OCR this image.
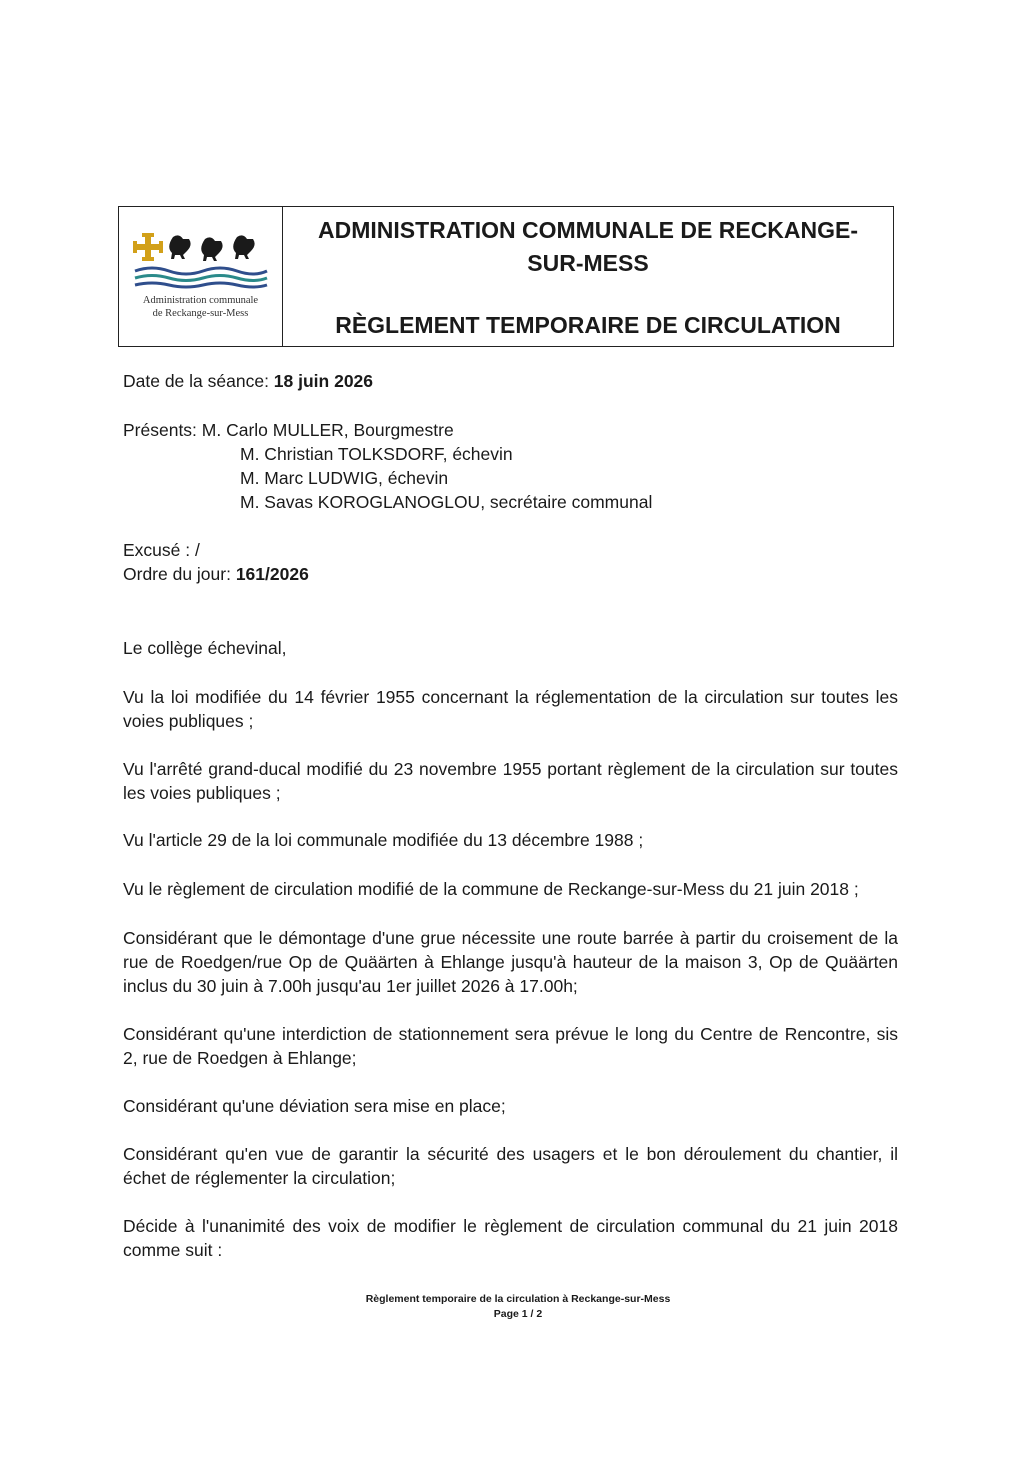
Administration communale
de Reckange-sur-Mess
ADMINISTRATION COMMUNALE DE RECKANGE-
SUR-MESS
RÈGLEMENT TEMPORAIRE DE CIRCULATION

Date de la séance: 18 juin 2026

Présents: M. Carlo MULLER, Bourgmestre

M. Christian TOLKSDORF, échevin

M. Marc LUDWIG, échevin

M. Savas KOROGLANOGLOU, secrétaire communal

Excusé : /

Ordre du jour: 161/2026

Le collège échevinal,

Vu la loi modifiée du 14 février 1955 concernant la réglementation de la circulation sur toutes les voies publiques ;

Vu l'arrêté grand-ducal modifié du 23 novembre 1955 portant règlement de la circulation sur toutes les voies publiques ;

Vu l'article 29 de la loi communale modifiée du 13 décembre 1988 ;

Vu le règlement de circulation modifié de la commune de Reckange-sur-Mess du 21 juin 2018 ;

Considérant que le démontage d'une grue nécessite une route barrée à partir du croisement de la rue de Roedgen/rue Op de Quäärten à Ehlange jusqu'à hauteur de la maison 3, Op de Quäärten inclus du 30 juin à 7.00h jusqu'au 1er juillet 2026 à 17.00h;

Considérant qu'une interdiction de stationnement sera prévue le long du Centre de Rencontre, sis 2, rue de Roedgen à Ehlange;

Considérant qu'une déviation sera mise en place;

Considérant qu'en vue de garantir la sécurité des usagers et le bon déroulement du chantier, il échet de réglementer la circulation;

Décide à l'unanimité des voix de modifier le règlement de circulation communal du 21 juin 2018 comme suit :

Règlement temporaire de la circulation à Reckange-sur-Mess
Page 1 / 2
